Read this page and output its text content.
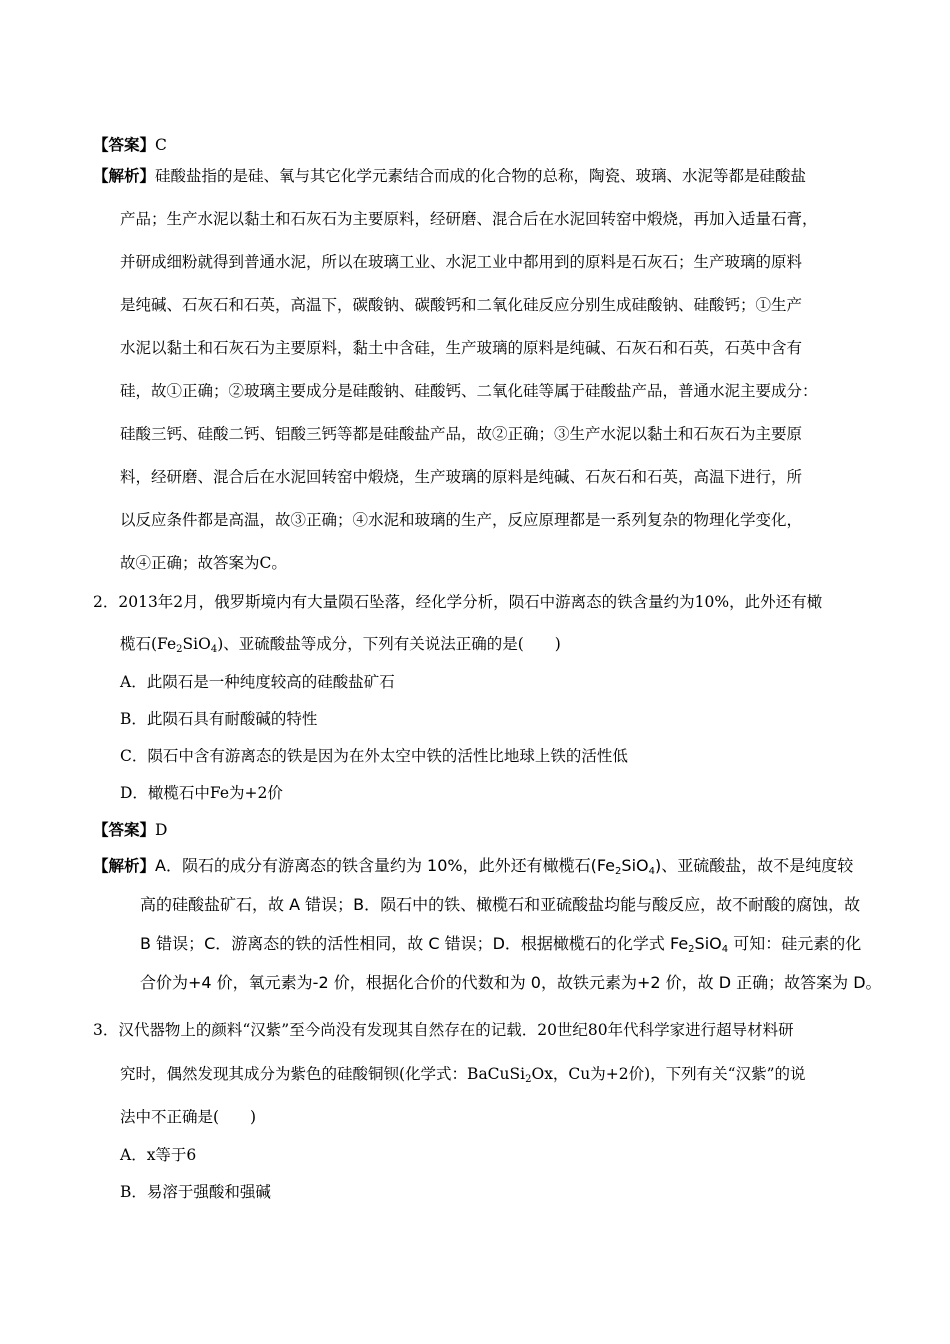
【答案】C
【解析】硅酸盐指的是硅、氧与其它化学元素结合而成的化合物的总称，陶瓷、玻璃、水泥等都是硅酸盐
产品；生产水泥以黏土和石灰石为主要原料，经研磨、混合后在水泥回转窑中煅烧，再加入适量石膏，
并研成细粉就得到普通水泥，所以在玻璃工业、水泥工业中都用到的原料是石灰石；生产玻璃的原料
是纯碱、石灰石和石英，高温下，碳酸钠、碳酸钙和二氧化硅反应分别生成硅酸钠、硅酸钙；①生产
水泥以黏土和石灰石为主要原料，黏土中含硅，生产玻璃的原料是纯碱、石灰石和石英，石英中含有
硅，故①正确；②玻璃主要成分是硅酸钠、硅酸钙、二氧化硅等属于硅酸盐产品，普通水泥主要成分：
硅酸三钙、硅酸二钙、铝酸三钙等都是硅酸盐产品，故②正确；③生产水泥以黏土和石灰石为主要原
料，经研磨、混合后在水泥回转窑中煅烧，生产玻璃的原料是纯碱、石灰石和石英，高温下进行，所
以反应条件都是高温，故③正确；④水泥和玻璃的生产，反应原理都是一系列复杂的物理化学变化，
故④正确；故答案为C。
2．2013年2月，俄罗斯境内有大量陨石坠落，经化学分析，陨石中游离态的铁含量约为10%，此外还有橄
榄石$(Fe_2SiO_4)$、亚硫酸盐等成分，下列有关说法正确的是(　　)
A．此陨石是一种纯度较高的硅酸盐矿石
B．此陨石具有耐酸碱的特性
C．陨石中含有游离态的铁是因为在外太空中铁的活性比地球上铁的活性低
D．橄榄石中Fe为+2价
【答案】D
【解析】A．陨石的成分有游离态的铁含量约为 10%，此外还有橄榄石$(Fe_2SiO_4)$、亚硫酸盐，故不是纯度较
高的硅酸盐矿石，故 A 错误；B．陨石中的铁、橄榄石和亚硫酸盐均能与酸反应，故不耐酸的腐蚀，故
B 错误；C．游离态的铁的活性相同，故 C 错误；D．根据橄榄石的化学式 $Fe_2SiO_4$ 可知：硅元素的化
合价为+4 价，氧元素为-2 价，根据化合价的代数和为 0，故铁元素为+2 价，故 D 正确；故答案为 D。
3．汉代器物上的颜料“汉紫”至今尚没有发现其自然存在的记载．20世纪80年代科学家进行超导材料研
究时，偶然发现其成分为紫色的硅酸铜钡(化学式：BaCuSi$_2$Ox，Cu为+2价)，下列有关“汉紫”的说
法中不正确是(　　)
A．x等于6
B．易溶于强酸和强碱
